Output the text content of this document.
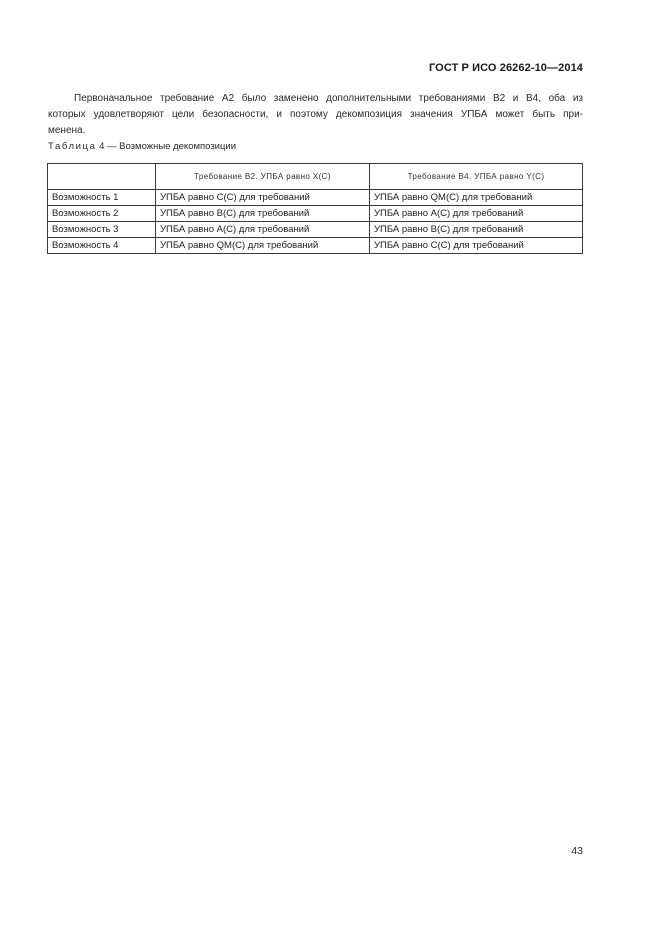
ГОСТ Р ИСО 26262-10—2014
Первоначальное требование А2 было заменено дополнительными требованиями В2 и В4, оба из
которых удовлетворяют цели безопасности, и поэтому декомпозиция значения УПБА может быть при-
менена.
Таблица 4 — Возможные декомпозиции
	Требование В2. УПБА равно X(C)	Требование В4. УПБА равно Y(C)
Возможность 1	УПБА равно C(C) для требований	УПБА равно QM(C) для требований
Возможность 2	УПБА равно B(C) для требований	УПБА равно A(C) для требований
Возможность 3	УПБА равно A(C) для требований	УПБА равно B(C) для требований
Возможность 4	УПБА равно QM(C) для требований	УПБА равно C(C) для требований
43
